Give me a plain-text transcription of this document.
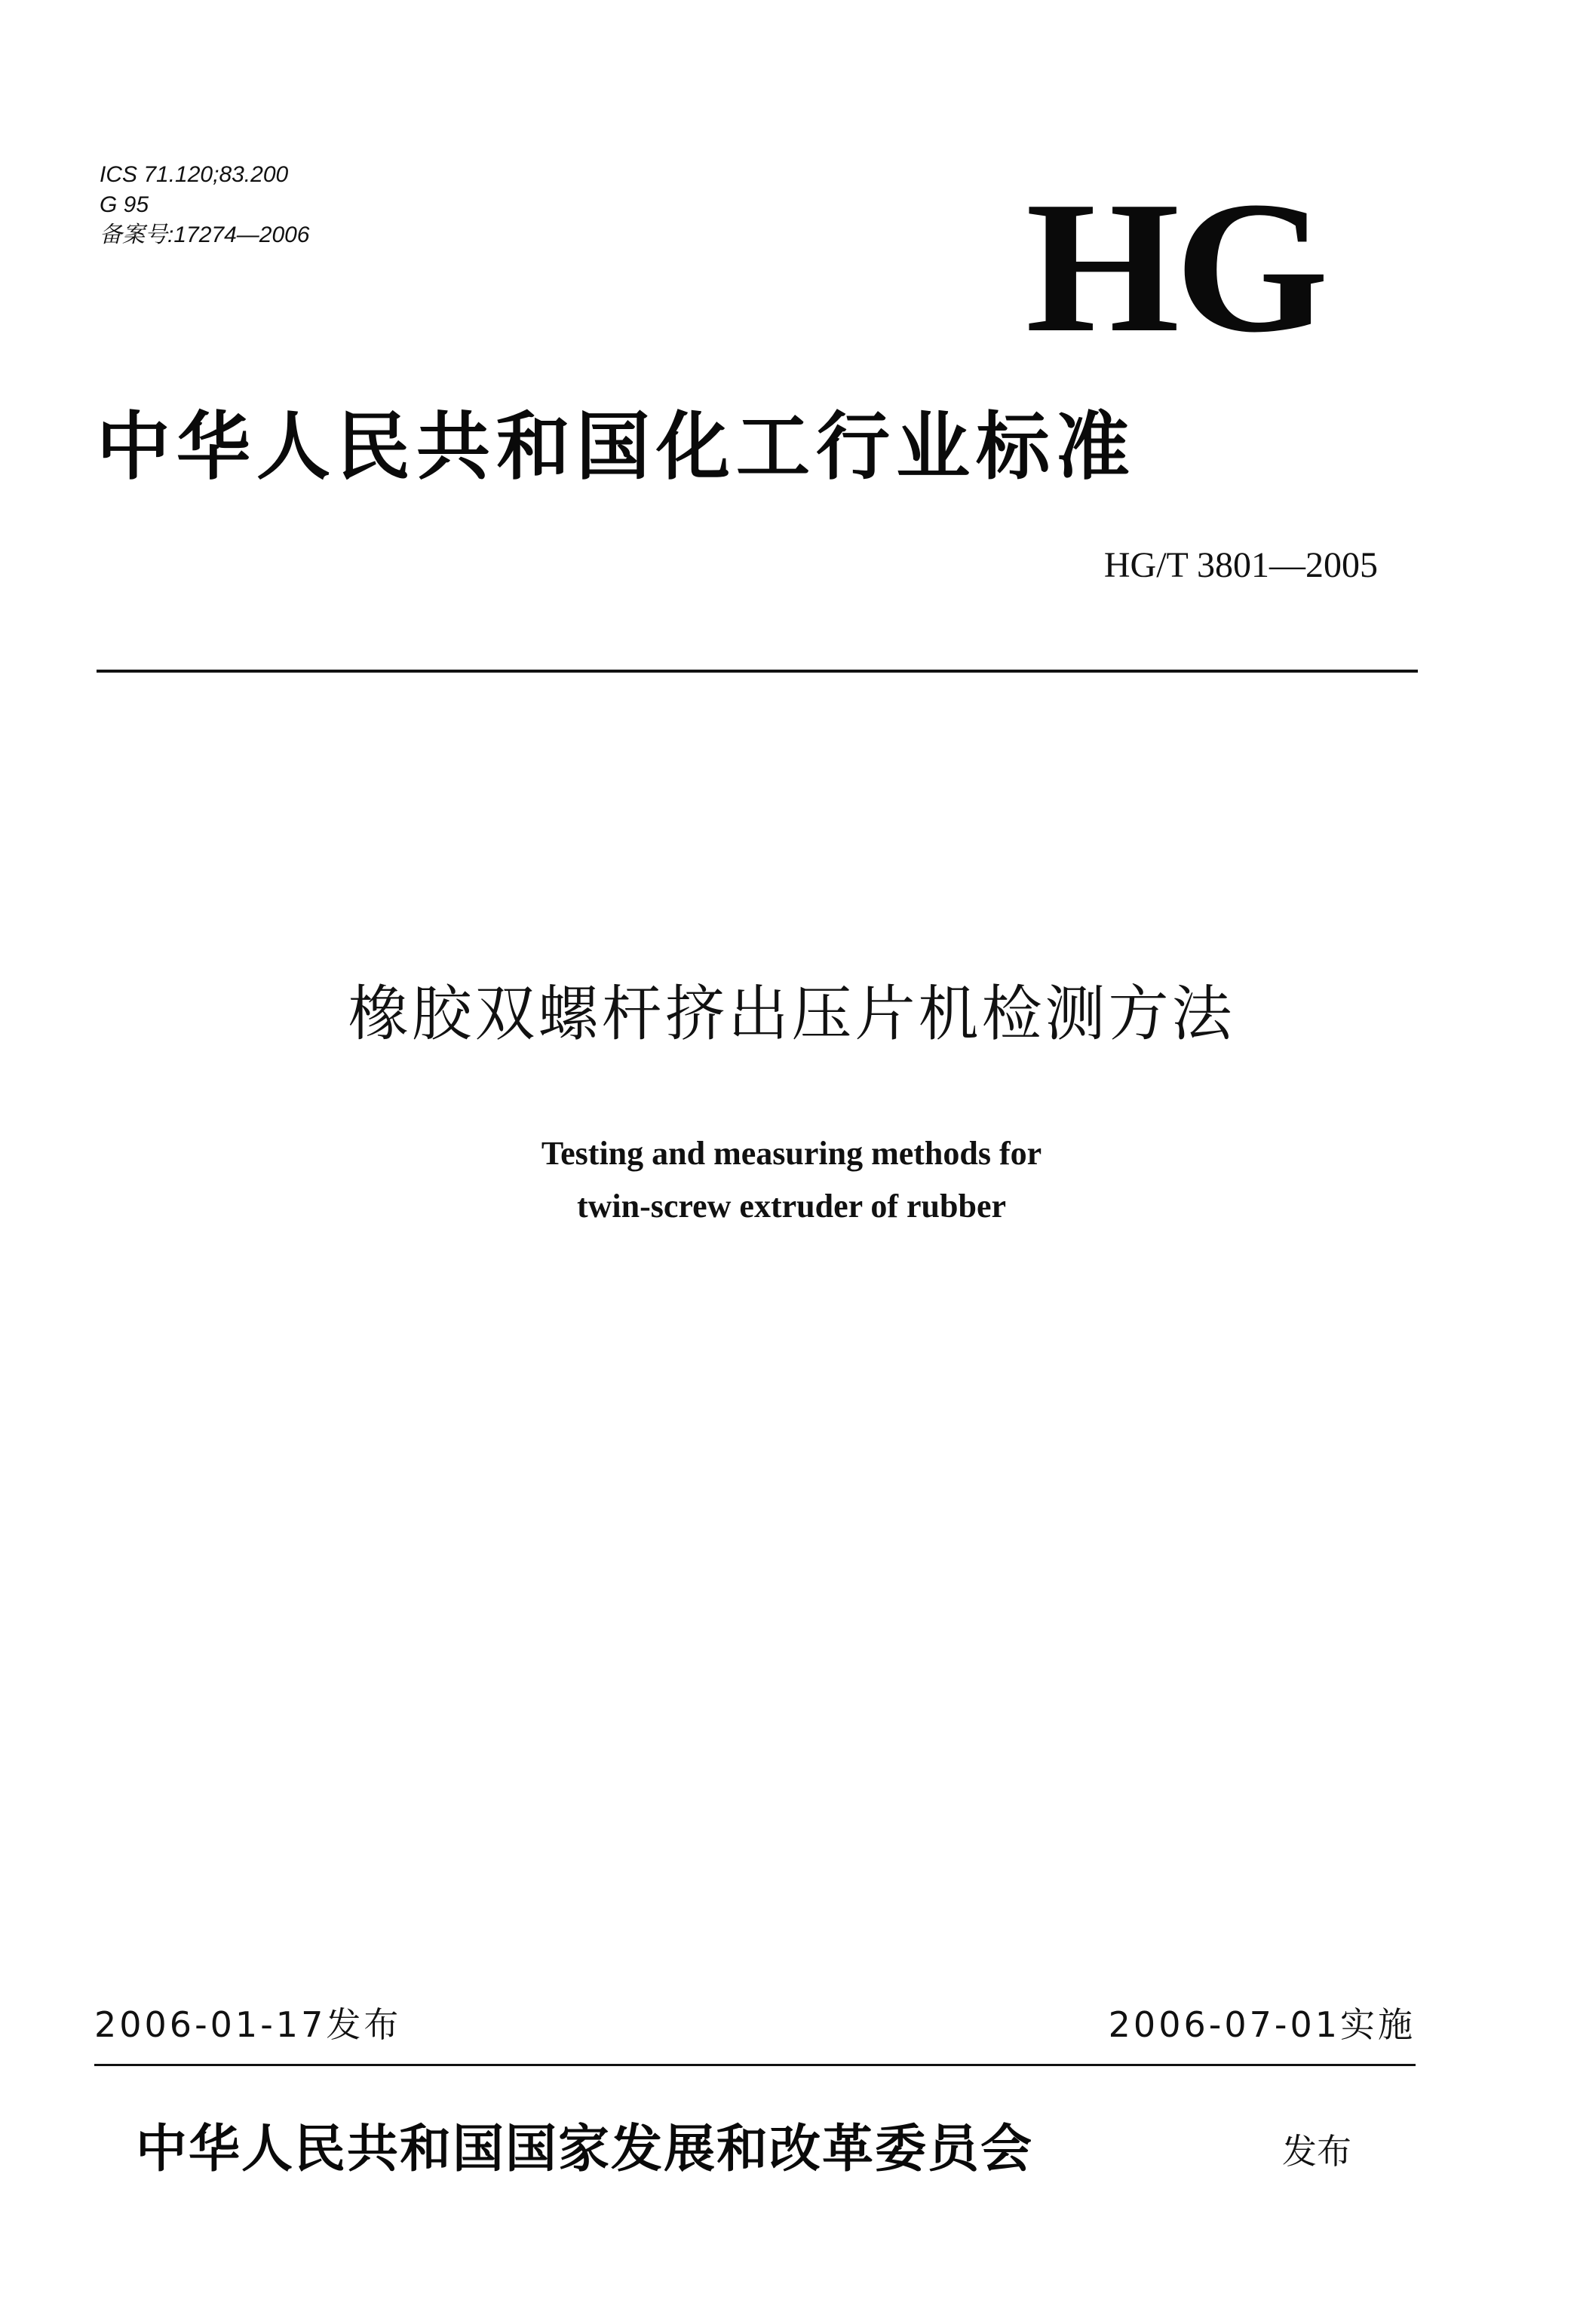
ICS 71.120;83.200
G 95
备案号:17274—2006	HG
中华人民共和国化工行业标准
HG/T 3801—2005
橡胶双螺杆挤出压片机检测方法
Testing and measuring methods for
twin-screw extruder of rubber
2006-01-17发布	2006-07-01实施
中华人民共和国国家发展和改革委员会	发布
